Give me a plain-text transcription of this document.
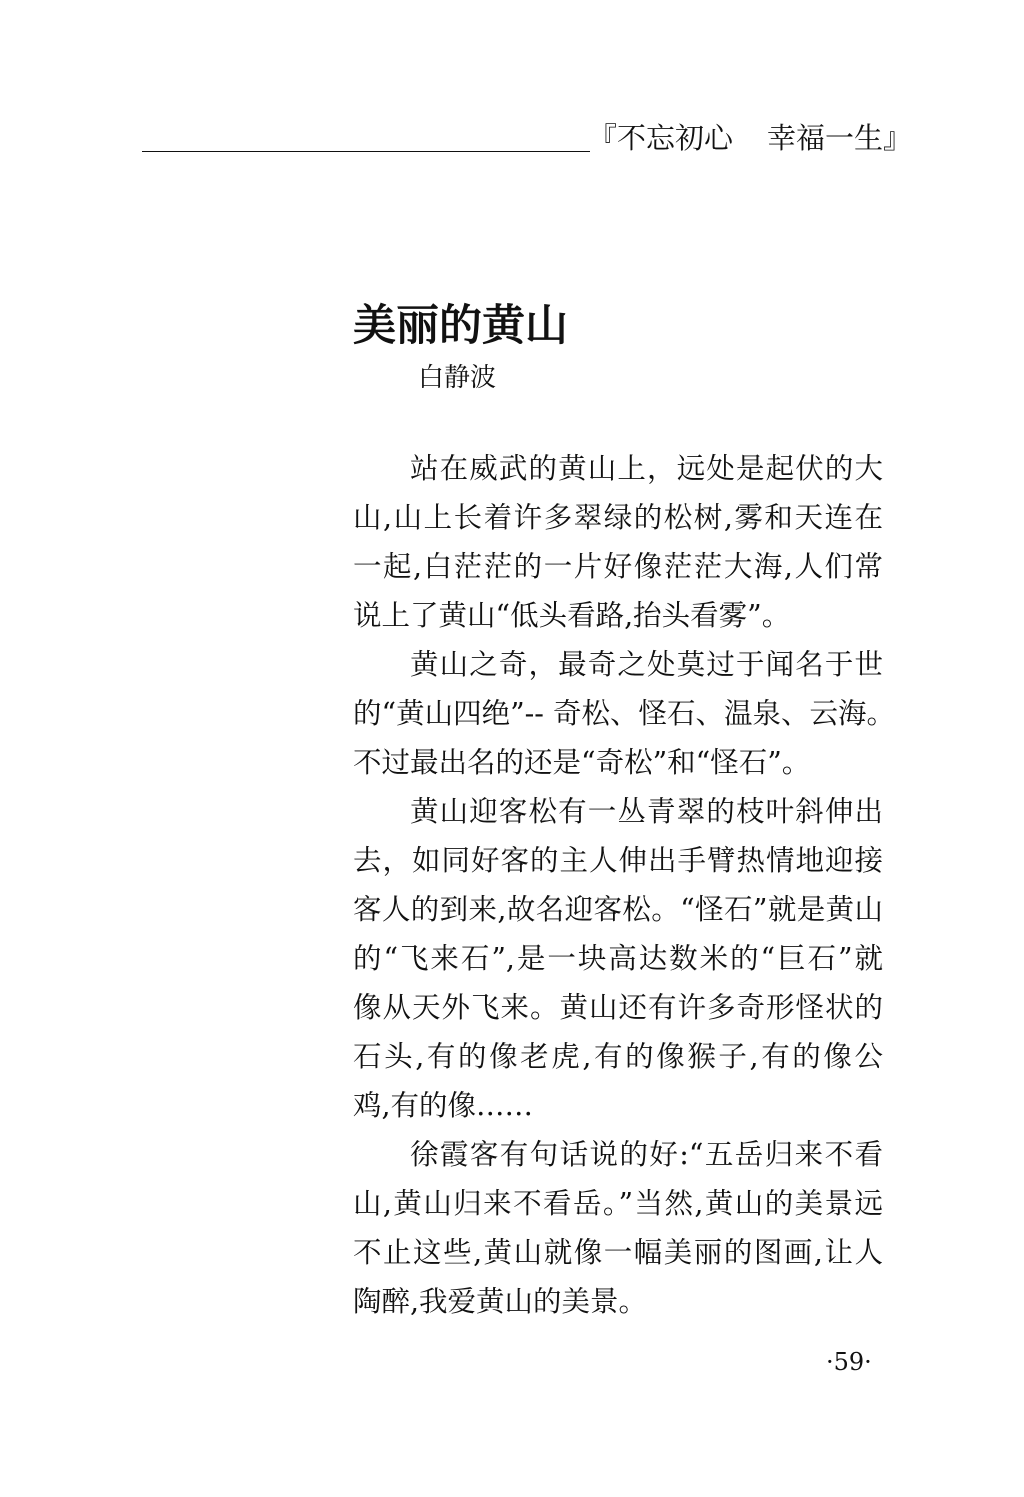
『不忘初心 幸福一生』
美丽的黄山
白静波

站在威武的黄山上，远处是起伏的大
山,山上长着许多翠绿的松树,雾和天连在
一起,白茫茫的一片好像茫茫大海,人们常
说上了黄山“低头看路,抬头看雾”。

黄山之奇，最奇之处莫过于闻名于世
的“黄山四绝”-- 奇松、怪石、温泉、云海。
不过最出名的还是“奇松”和“怪石”。

黄山迎客松有一丛青翠的枝叶斜伸出
去，如同好客的主人伸出手臂热情地迎接
客人的到来,故名迎客松。“怪石”就是黄山
的“飞来石”,是一块高达数米的“巨石”就
像从天外飞来。黄山还有许多奇形怪状的
石头,有的像老虎,有的像猴子,有的像公
鸡,有的像……

徐霞客有句话说的好:“五岳归来不看
山,黄山归来不看岳。”当然,黄山的美景远
不止这些,黄山就像一幅美丽的图画,让人
陶醉,我爱黄山的美景。

·59·
